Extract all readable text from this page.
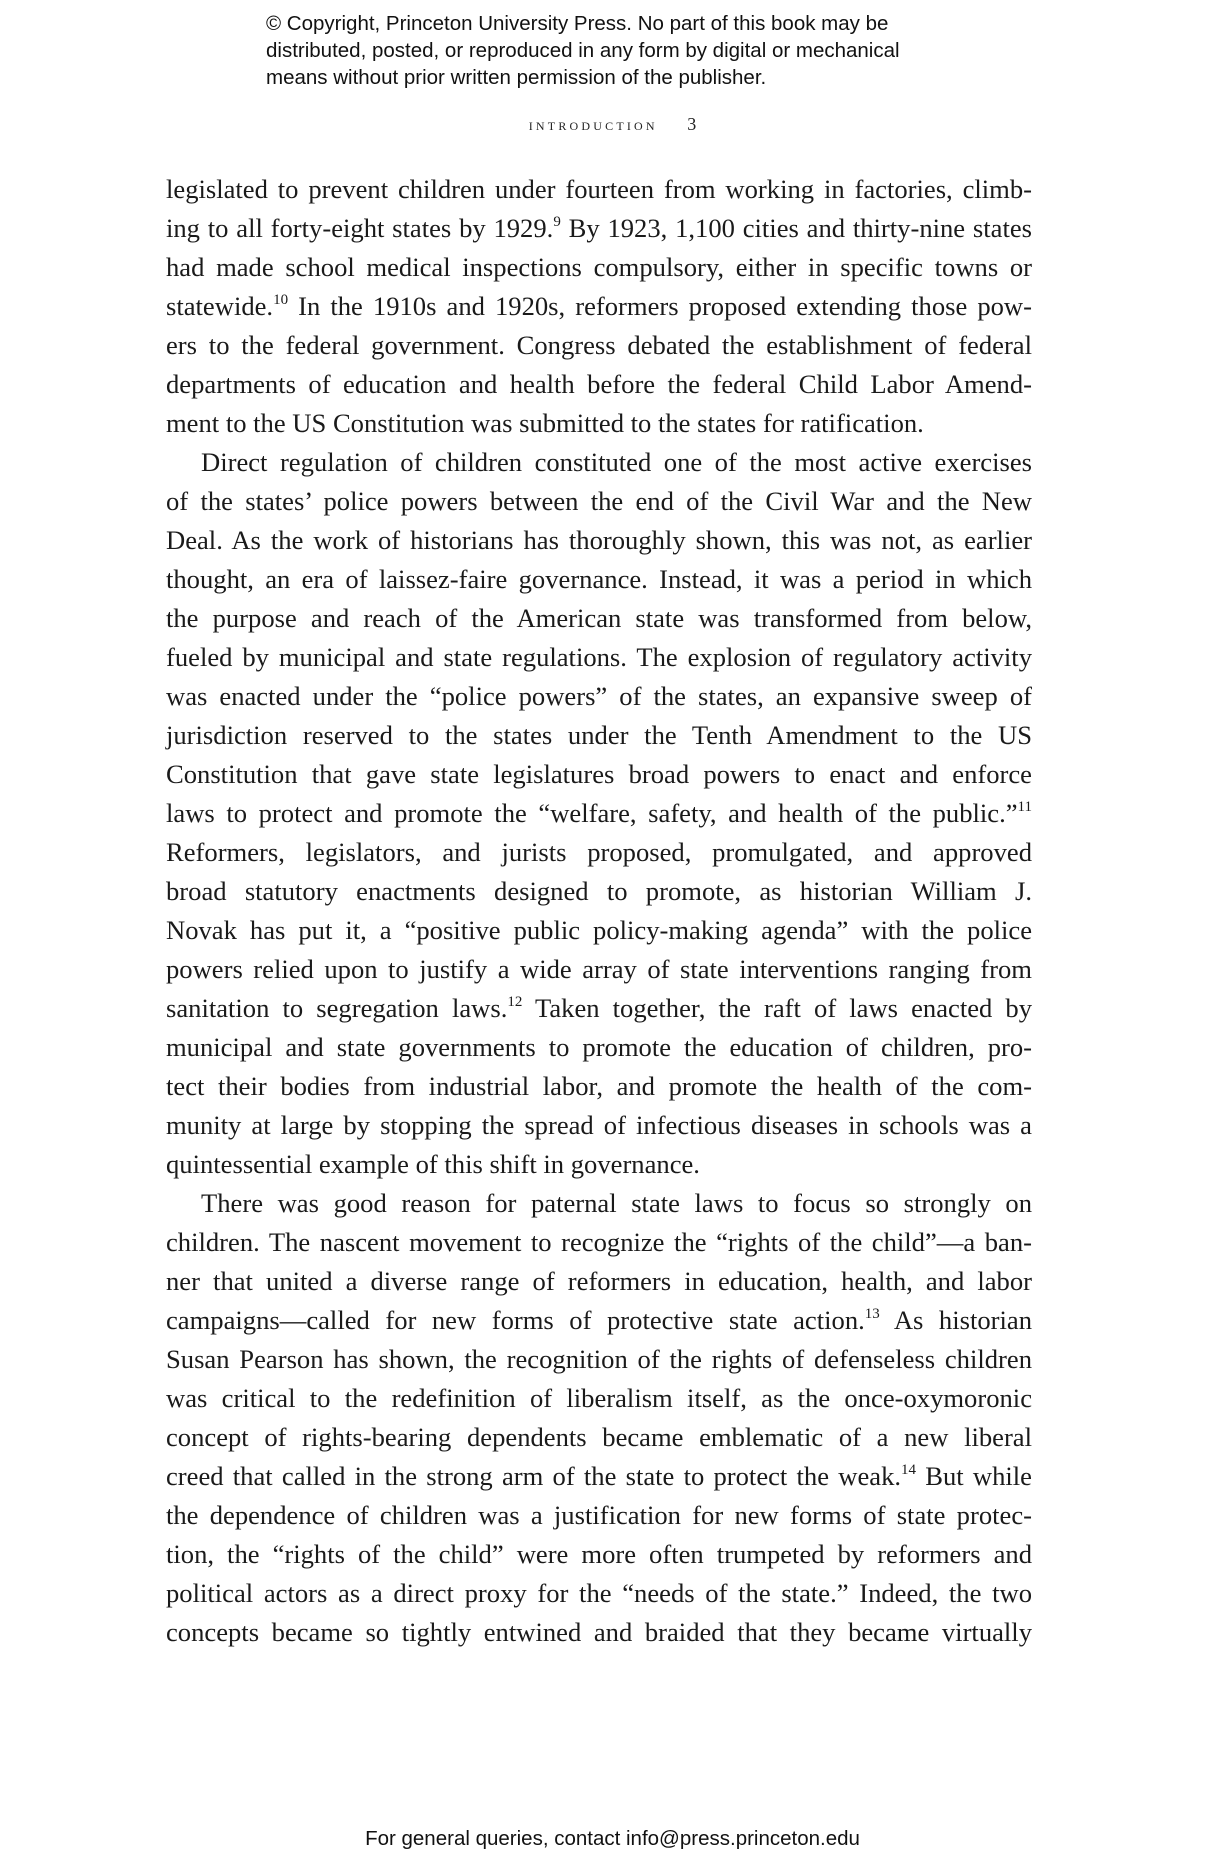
© Copyright, Princeton University Press. No part of this book may be
distributed, posted, or reproduced in any form by digital or mechanical
means without prior written permission of the publisher.
introduction 3
legislated to prevent children under fourteen from working in factories, climb-
ing to all forty-eight states by 1929.$^9$ By 1923, 1,100 cities and thirty-nine states
had made school medical inspections compulsory, either in specific towns or
statewide.$^{10}$ In the 1910s and 1920s, reformers proposed extending those pow-
ers to the federal government. Congress debated the establishment of federal
departments of education and health before the federal Child Labor Amend-
ment to the US Constitution was submitted to the states for ratification.
Direct regulation of children constituted one of the most active exercises
of the states’ police powers between the end of the Civil War and the New
Deal. As the work of historians has thoroughly shown, this was not, as earlier
thought, an era of laissez-faire governance. Instead, it was a period in which
the purpose and reach of the American state was transformed from below,
fueled by municipal and state regulations. The explosion of regulatory activity
was enacted under the “police powers” of the states, an expansive sweep of
jurisdiction reserved to the states under the Tenth Amendment to the US
Constitution that gave state legislatures broad powers to enact and enforce
laws to protect and promote the “welfare, safety, and health of the public.”$^{11}$
Reformers, legislators, and jurists proposed, promulgated, and approved
broad statutory enactments designed to promote, as historian William J.
Novak has put it, a “positive public policy-making agenda” with the police
powers relied upon to justify a wide array of state interventions ranging from
sanitation to segregation laws.$^{12}$ Taken together, the raft of laws enacted by
municipal and state governments to promote the education of children, pro-
tect their bodies from industrial labor, and promote the health of the com-
munity at large by stopping the spread of infectious diseases in schools was a
quintessential example of this shift in governance.
There was good reason for paternal state laws to focus so strongly on
children. The nascent movement to recognize the “rights of the child”—a ban-
ner that united a diverse range of reformers in education, health, and labor
campaigns—called for new forms of protective state action.$^{13}$ As historian
Susan Pearson has shown, the recognition of the rights of defenseless children
was critical to the redefinition of liberalism itself, as the once-oxymoronic
concept of rights-bearing dependents became emblematic of a new liberal
creed that called in the strong arm of the state to protect the weak.$^{14}$ But while
the dependence of children was a justification for new forms of state protec-
tion, the “rights of the child” were more often trumpeted by reformers and
political actors as a direct proxy for the “needs of the state.” Indeed, the two
concepts became so tightly entwined and braided that they became virtually
For general queries, contact info@press.princeton.edu
